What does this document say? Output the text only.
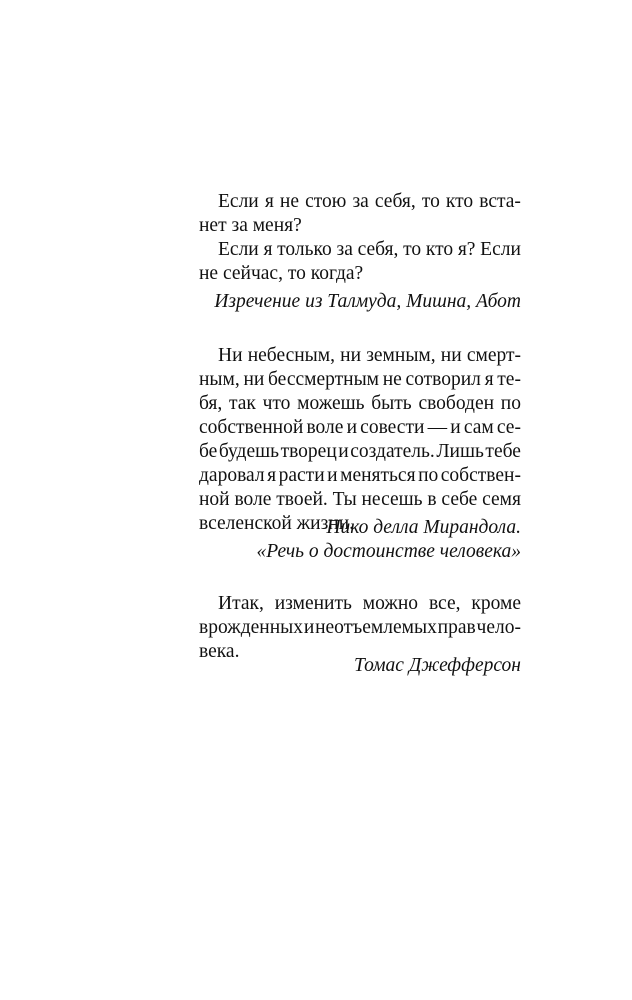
Если я не стою за себя, то кто вста-
нет за меня?
Если я только за себя, то кто я? Если
не сейчас, то когда?
Изречение из Талмуда, Мишна, Абот
Ни небесным, ни земным, ни смерт-
ным, ни бессмертным не сотворил я те-
бя, так что можешь быть свободен по
собственной воле и совести — и сам се-
бе будешь творец и создатель. Лишь тебе
даровал я расти и меняться по собствен-
ной воле твоей. Ты несешь в себе семя
вселенской жизни.
Пико делла Мирандола.
«Речь о достоинстве человека»
Итак, изменить можно все, кроме
врожденных и неотъемлемых прав чело-
века.
Томас Джефферсон
